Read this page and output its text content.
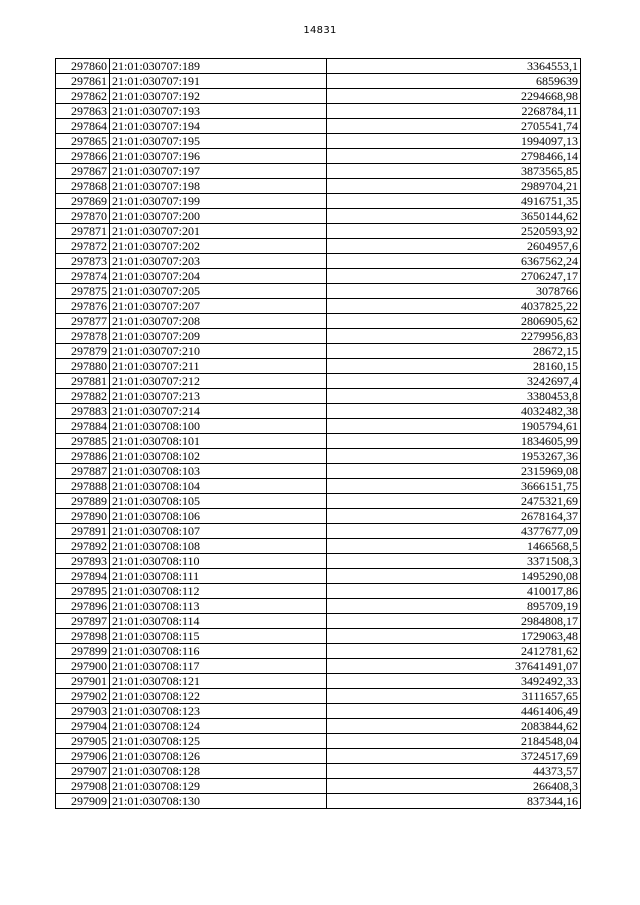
14831
297860	21:01:030707:189	3364553,1
297861	21:01:030707:191	6859639
297862	21:01:030707:192	2294668,98
297863	21:01:030707:193	2268784,11
297864	21:01:030707:194	2705541,74
297865	21:01:030707:195	1994097,13
297866	21:01:030707:196	2798466,14
297867	21:01:030707:197	3873565,85
297868	21:01:030707:198	2989704,21
297869	21:01:030707:199	4916751,35
297870	21:01:030707:200	3650144,62
297871	21:01:030707:201	2520593,92
297872	21:01:030707:202	2604957,6
297873	21:01:030707:203	6367562,24
297874	21:01:030707:204	2706247,17
297875	21:01:030707:205	3078766
297876	21:01:030707:207	4037825,22
297877	21:01:030707:208	2806905,62
297878	21:01:030707:209	2279956,83
297879	21:01:030707:210	28672,15
297880	21:01:030707:211	28160,15
297881	21:01:030707:212	3242697,4
297882	21:01:030707:213	3380453,8
297883	21:01:030707:214	4032482,38
297884	21:01:030708:100	1905794,61
297885	21:01:030708:101	1834605,99
297886	21:01:030708:102	1953267,36
297887	21:01:030708:103	2315969,08
297888	21:01:030708:104	3666151,75
297889	21:01:030708:105	2475321,69
297890	21:01:030708:106	2678164,37
297891	21:01:030708:107	4377677,09
297892	21:01:030708:108	1466568,5
297893	21:01:030708:110	3371508,3
297894	21:01:030708:111	1495290,08
297895	21:01:030708:112	410017,86
297896	21:01:030708:113	895709,19
297897	21:01:030708:114	2984808,17
297898	21:01:030708:115	1729063,48
297899	21:01:030708:116	2412781,62
297900	21:01:030708:117	37641491,07
297901	21:01:030708:121	3492492,33
297902	21:01:030708:122	3111657,65
297903	21:01:030708:123	4461406,49
297904	21:01:030708:124	2083844,62
297905	21:01:030708:125	2184548,04
297906	21:01:030708:126	3724517,69
297907	21:01:030708:128	44373,57
297908	21:01:030708:129	266408,3
297909	21:01:030708:130	837344,16
